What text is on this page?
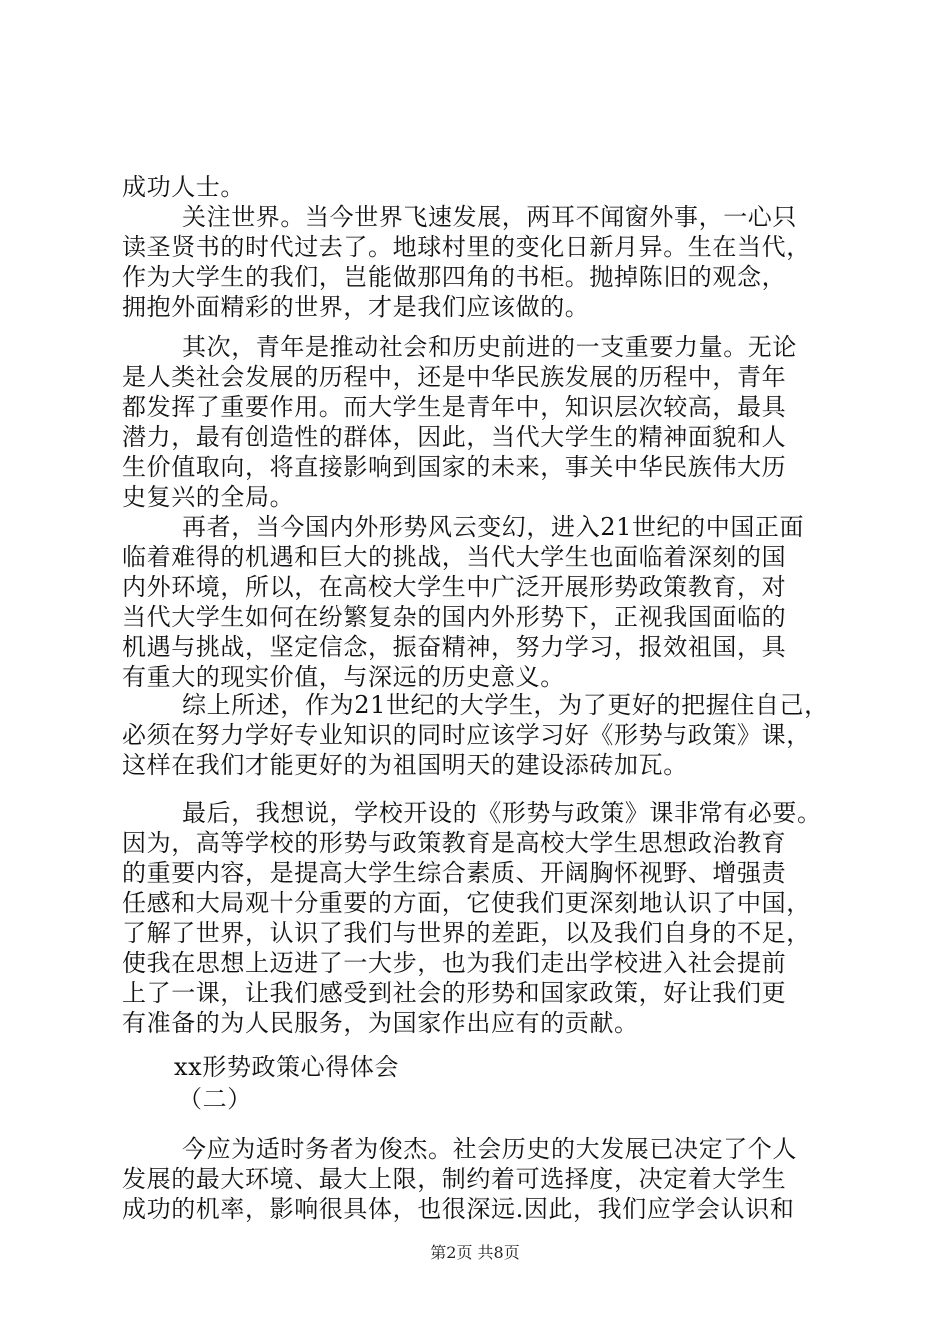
成功人士。
关注世界。当今世界飞速发展，两耳不闻窗外事，一心只
读圣贤书的时代过去了。地球村里的变化日新月异。生在当代，
作为大学生的我们，岂能做那四角的书柜。抛掉陈旧的观念，
拥抱外面精彩的世界，才是我们应该做的。
其次，青年是推动社会和历史前进的一支重要力量。无论
是人类社会发展的历程中，还是中华民族发展的历程中，青年
都发挥了重要作用。而大学生是青年中，知识层次较高，最具
潜力，最有创造性的群体，因此，当代大学生的精神面貌和人
生价值取向，将直接影响到国家的未来，事关中华民族伟大历
史复兴的全局。
再者，当今国内外形势风云变幻，进入21世纪的中国正面
临着难得的机遇和巨大的挑战，当代大学生也面临着深刻的国
内外环境，所以，在高校大学生中广泛开展形势政策教育，对
当代大学生如何在纷繁复杂的国内外形势下，正视我国面临的
机遇与挑战，坚定信念，振奋精神，努力学习，报效祖国，具
有重大的现实价值，与深远的历史意义。
综上所述，作为21世纪的大学生，为了更好的把握住自己，
必须在努力学好专业知识的同时应该学习好《形势与政策》课，
这样在我们才能更好的为祖国明天的建设添砖加瓦。
最后，我想说，学校开设的《形势与政策》课非常有必要。
因为，高等学校的形势与政策教育是高校大学生思想政治教育
的重要内容，是提高大学生综合素质、开阔胸怀视野、增强责
任感和大局观十分重要的方面，它使我们更深刻地认识了中国，
了解了世界，认识了我们与世界的差距，以及我们自身的不足，
使我在思想上迈进了一大步，也为我们走出学校进入社会提前
上了一课，让我们感受到社会的形势和国家政策，好让我们更
有准备的为人民服务，为国家作出应有的贡献。
xx形势政策心得体会
（二）
今应为适时务者为俊杰。社会历史的大发展已决定了个人
发展的最大环境、最大上限，制约着可选择度，决定着大学生
成功的机率，影响很具体，也很深远.因此，我们应学会认识和
第2页 共8页
